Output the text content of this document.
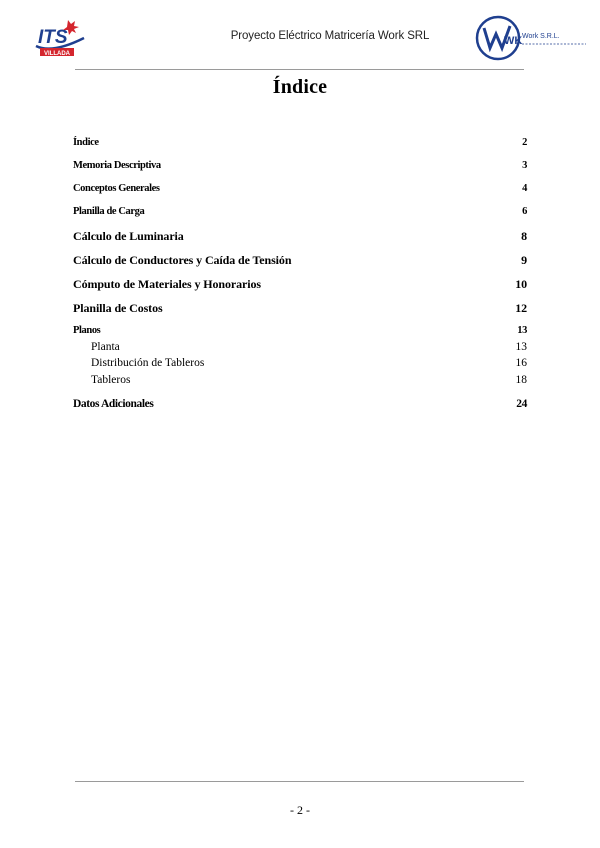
ITS
VILLADA
Proyecto Eléctrico Matricería Work SRL	WK Work S.R.L.
Índice
Índice	2
Memoria Descriptiva	3
Conceptos Generales	4
Planilla de Carga	6
Cálculo de Luminaria	8
Cálculo de Conductores y Caída de Tensión	9
Cómputo de Materiales y Honorarios	10
Planilla de Costos	12
Planos	13
Planta	13
Distribución de Tableros	16
Tableros	18
Datos Adicionales	24
- 2 -
